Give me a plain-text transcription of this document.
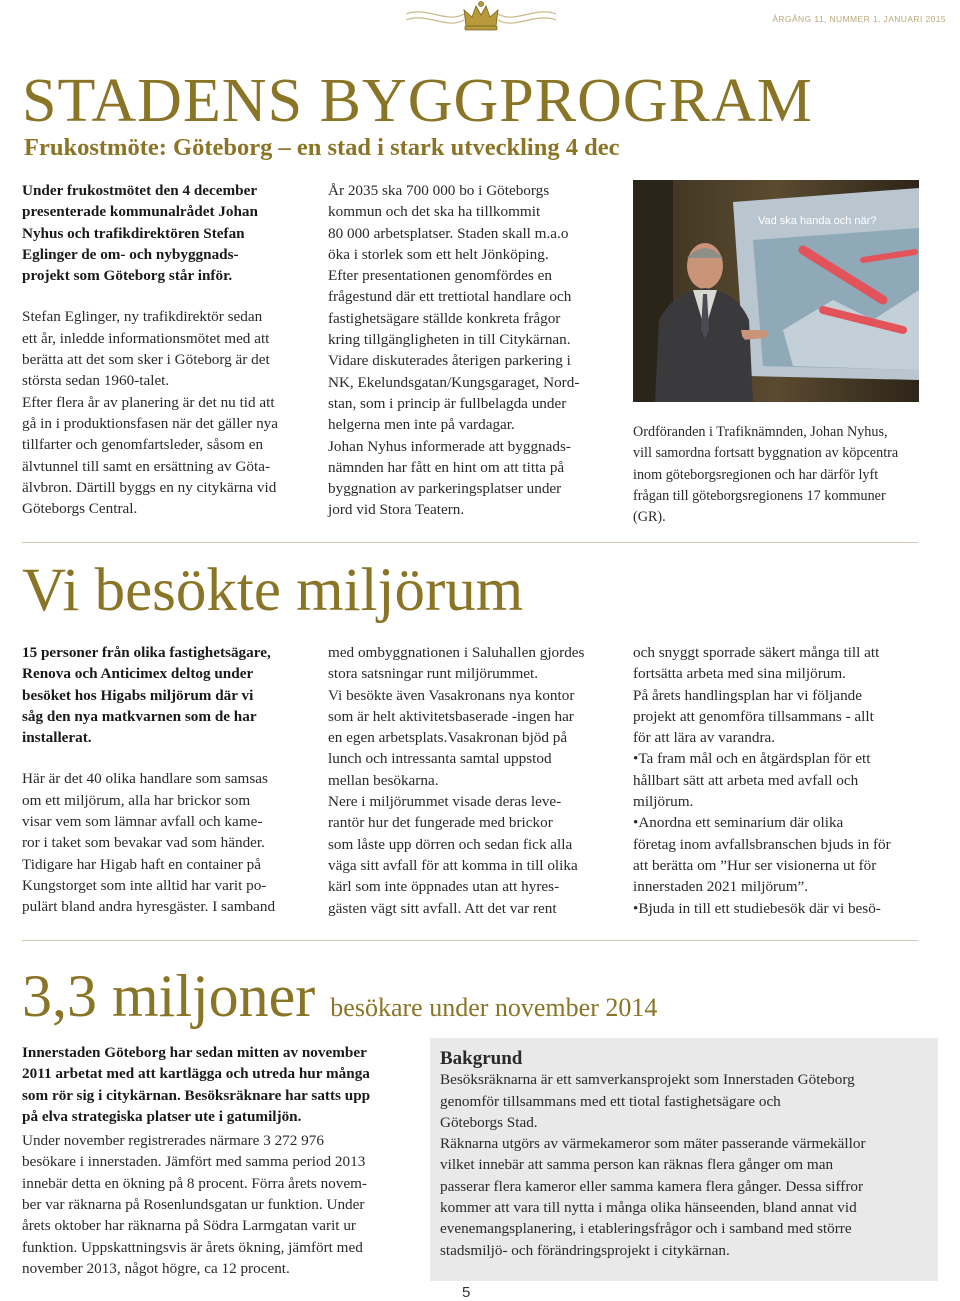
ÅRGÅNG 11, NUMMER 1, JANUARI 2015
STADENS BYGGPROGRAM
Frukostmöte: Göteborg – en stad i stark utveckling 4 dec

Under frukostmötet den 4 december

presenterade kommunalrådet Johan

Nyhus och trafikdirektören Stefan

Eglinger de om- och nybyggnads-

projekt som Göteborg står inför.

Stefan Eglinger, ny trafikdirektör sedan

ett år, inledde informationsmötet med att

berätta att det som sker i Göteborg är det

största sedan 1960-talet.

Efter flera år av planering är det nu tid att

gå in i produktionsfasen när det gäller nya

tillfarter och genomfartsleder, såsom en

älvtunnel till samt en ersättning av Göta-

älvbron. Därtill byggs en ny citykärna vid

Göteborgs Central.

År 2035 ska 700 000 bo i Göteborgs

kommun och det ska ha tillkommit

80 000 arbetsplatser. Staden skall m.a.o

öka i storlek som ett helt Jönköping.

Efter presentationen genomfördes en

frågestund där ett trettiotal handlare och

fastighetsägare ställde konkreta frågor

kring tillgängligheten in till Citykärnan.

Vidare diskuterades återigen parkering i

NK, Ekelundsgatan/Kungsgaraget, Nord-

stan, som i princip är fullbelagda under

helgerna men inte på vardagar.

Johan Nyhus informerade att byggnads-

nämnden har fått en hint om att titta på

byggnation av parkeringsplatser under

jord vid Stora Teatern.

Vad ska handa och när?
Ordföranden i Trafiknämnden, Johan Nyhus,
vill samordna fortsatt byggnation av köpcentra
inom göteborgsregionen och har därför lyft
frågan till göteborgsregionens 17 kommuner
(GR).
Vi besökte miljörum

15 personer från olika fastighetsägare,

Renova och Anticimex deltog under

besöket hos Higabs miljörum där vi

såg den nya matkvarnen som de har

installerat.

Här är det 40 olika handlare som samsas

om ett miljörum, alla har brickor som

visar vem som lämnar avfall och kame-

ror i taket som bevakar vad som händer.

Tidigare har Higab haft en container på

Kungstorget som inte alltid har varit po-

pulärt bland andra hyresgäster. I samband

med ombyggnationen i Saluhallen gjordes

stora satsningar runt miljörummet.

Vi besökte även Vasakronans nya kontor

som är helt aktivitetsbaserade -ingen har

en egen arbetsplats.Vasakronan bjöd på

lunch och intressanta samtal uppstod

mellan besökarna.

Nere i miljörummet visade deras leve-

rantör hur det fungerade med brickor

som låste upp dörren och sedan fick alla

väga sitt avfall för att komma in till olika

kärl som inte öppnades utan att hyres-

gästen vägt sitt avfall. Att det var rent

och snyggt sporrade säkert många till att

fortsätta arbeta med sina miljörum.

På årets handlingsplan har vi följande

projekt att genomföra tillsammans - allt

för att lära av varandra.

•Ta fram mål och en åtgärdsplan för ett

hållbart sätt att arbeta med avfall och

miljörum.

•Anordna ett seminarium där olika

företag inom avfallsbranschen bjuds in för

att berätta om ”Hur ser visionerna ut för

innerstaden 2021 miljörum”.

•Bjuda in till ett studiebesök där vi besö-

3,3 miljoner besökare under november 2014

Innerstaden Göteborg har sedan mitten av november

2011 arbetat med att kartlägga och utreda hur många

som rör sig i citykärnan. Besöksräknare har satts upp

på elva strategiska platser ute i gatumiljön.

Under november registrerades närmare 3 272 976

besökare i innerstaden. Jämfört med samma period 2013

innebär detta en ökning på 8 procent. Förra årets novem-

ber var räknarna på Rosenlundsgatan ur funktion. Under

årets oktober har räknarna på Södra Larmgatan varit ur

funktion. Uppskattningsvis är årets ökning, jämfört med

november 2013, något högre, ca 12 procent.

Bakgrund

Besöksräknarna är ett samverkansprojekt som Innerstaden Göteborg

genomför tillsammans med ett tiotal fastighetsägare och

Göteborgs Stad.

Räknarna utgörs av värmekameror som mäter passerande värmekällor

vilket innebär att samma person kan räknas flera gånger om man

passerar flera kameror eller samma kamera flera gånger. Dessa siffror

kommer att vara till nytta i många olika hänseenden, bland annat vid

evenemangsplanering, i etableringsfrågor och i samband med större

stadsmiljö- och förändringsprojekt i citykärnan.

5
